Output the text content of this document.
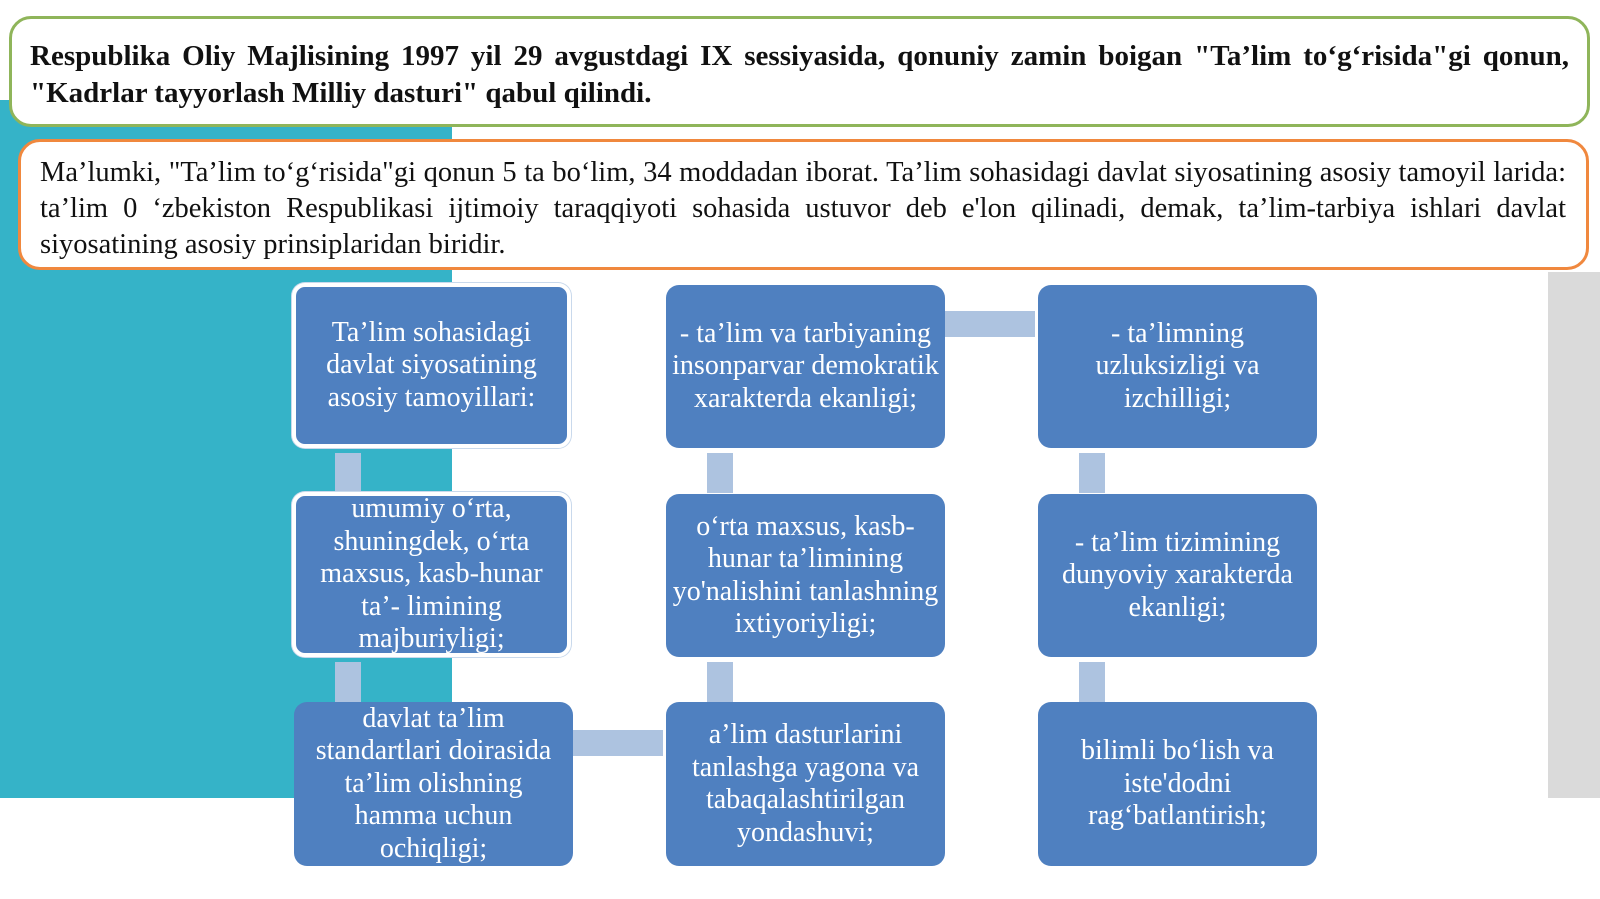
Respublika Oliy Majlisining 1997 yil 29 avgustdagi IX sessiyasida, qonuniy zamin boigan "Ta’lim to‘g‘risida"gi qonun, "Kadrlar tayyorlash Milliy dasturi" qabul qilindi.
Ma’lumki, "Ta’lim to‘g‘risida"gi qonun 5 ta bo‘lim, 34 moddadan iborat. Ta’lim sohasidagi davlat siyosatining asosiy tamoyil larida: ta’lim 0 ‘zbekiston Respublikasi ijtimoiy taraqqiyoti sohasida ustuvor deb e'lon qilinadi, demak, ta’lim-tarbiya ishlari davlat siyosatining asosiy prinsiplaridan biridir.
Ta’lim sohasidagi davlat siyosatining asosiy tamoyillari:
umumiy o‘rta, shuningdek, o‘rta maxsus, kasb-hunar ta’- limining majburiyligi;
davlat ta’lim standartlari doirasida ta’lim olishning hamma uchun ochiqligi;
a’lim dasturlarini tanlashga yagona va tabaqalashtirilgan yondashuvi;
o‘rta maxsus, kasb-hunar ta’limining yo'nalishini tanlashning ixtiyoriyligi;
- ta’lim va tarbiyaning insonparvar demokratik xarakterda ekanligi;
- ta’limning uzluksizligi va izchilligi;
- ta’lim tizimining dunyoviy xarakterda ekanligi;
bilimli bo‘lish va iste'dodni rag‘batlantirish;
